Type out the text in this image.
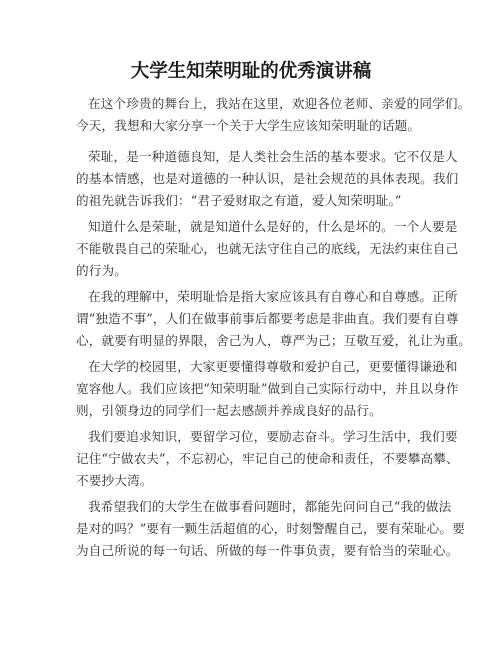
大学生知荣明耻的优秀演讲稿

在这个珍贵的舞台上，我站在这里，欢迎各位老师、亲爱的同学们。
今天，我想和大家分享一个关于大学生应该知荣明耻的话题。

荣耻，是一种道德良知，是人类社会生活的基本要求。它不仅是人
的基本情感，也是对道德的一种认识，是社会规范的具体表现。我们
的祖先就告诉我们：“君子爱财取之有道，爱人知荣明耻。”

知道什么是荣耻，就是知道什么是好的，什么是坏的。一个人要是
不能敬畏自己的荣耻心，也就无法守住自己的底线，无法约束住自己
的行为。

在我的理解中，荣明耻恰是指大家应该具有自尊心和自尊感。正所
谓“独造不事”，人们在做事前事后都要考虑是非曲直。我们要有自尊
心，就要有明显的界限，舍己为人，尊严为己；互敬互爱，礼让为重。

在大学的校园里，大家更要懂得尊敬和爱护自己，更要懂得谦逊和
宽容他人。我们应该把“知荣明耻”做到自己实际行动中，并且以身作
则，引领身边的同学们一起去感颉并养成良好的品行。

我们要追求知识，要留学习位，要励志奋斗。学习生活中，我们要
记住“宁做农夫”，不忘初心，牢记自己的使命和责任，不要攀高攀、
不要抄大湾。

我希望我们的大学生在做事看问题时，都能先问问自己“我的做法
是对的吗？”要有一颗生活超值的心，时刻警醒自己，要有荣耻心。要
为自己所说的每一句话、所做的每一件事负责，要有恰当的荣耻心。
